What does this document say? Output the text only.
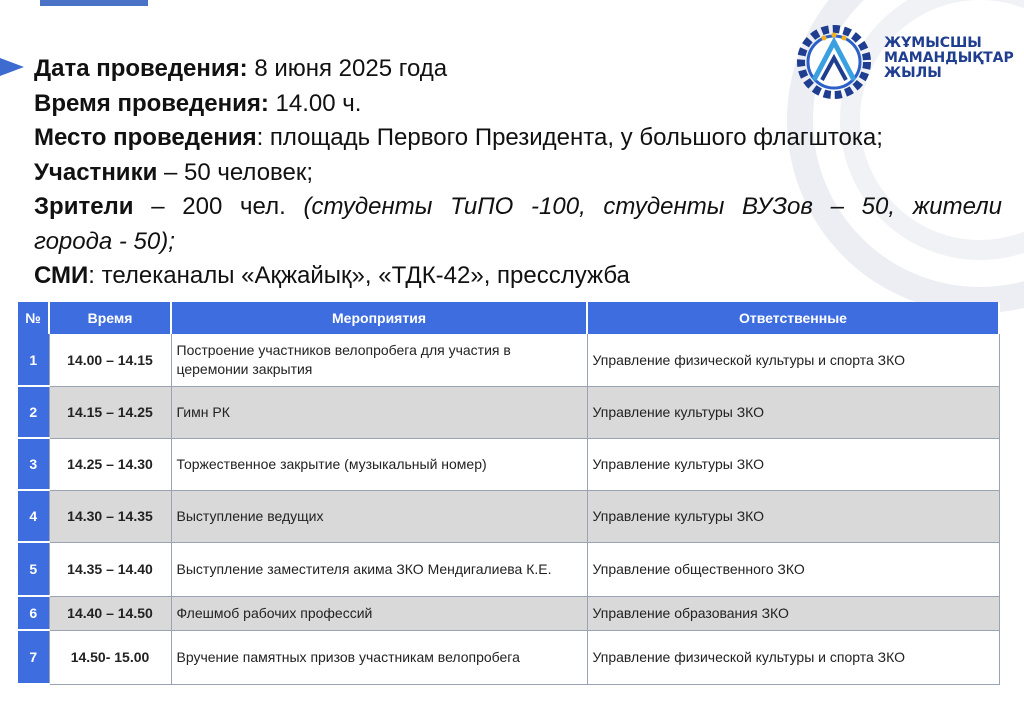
ЖҰМЫСШЫ
МАМАНДЫҚТАР
ЖЫЛЫ
Дата проведения: 8 июня 2025 года
Время проведения: 14.00 ч.
Место проведения: площадь Первого Президента, у большого флагштока;
Участники – 50 человек;
Зрители – 200 чел. (студенты ТиПО -100, студенты ВУЗов – 50, жители
города - 50);
СМИ: телеканалы «Ақжайық», «ТДК-42», пресслужба
№	Время	Мероприятия	Ответственные
1	14.00 – 14.15	Построение участников велопробега для участия в церемонии закрытия	Управление физической культуры и спорта ЗКО
2	14.15 – 14.25	Гимн РК	Управление культуры ЗКО
3	14.25 – 14.30	Торжественное закрытие (музыкальный номер)	Управление культуры ЗКО
4	14.30 – 14.35	Выступление ведущих	Управление культуры ЗКО
5	14.35 – 14.40	Выступление заместителя акима ЗКО Мендигалиева К.Е.	Управление общественного ЗКО
6	14.40 – 14.50	Флешмоб рабочих профессий	Управление образования ЗКО
7	14.50- 15.00	Вручение памятных призов участникам велопробега	Управление физической культуры и спорта ЗКО
